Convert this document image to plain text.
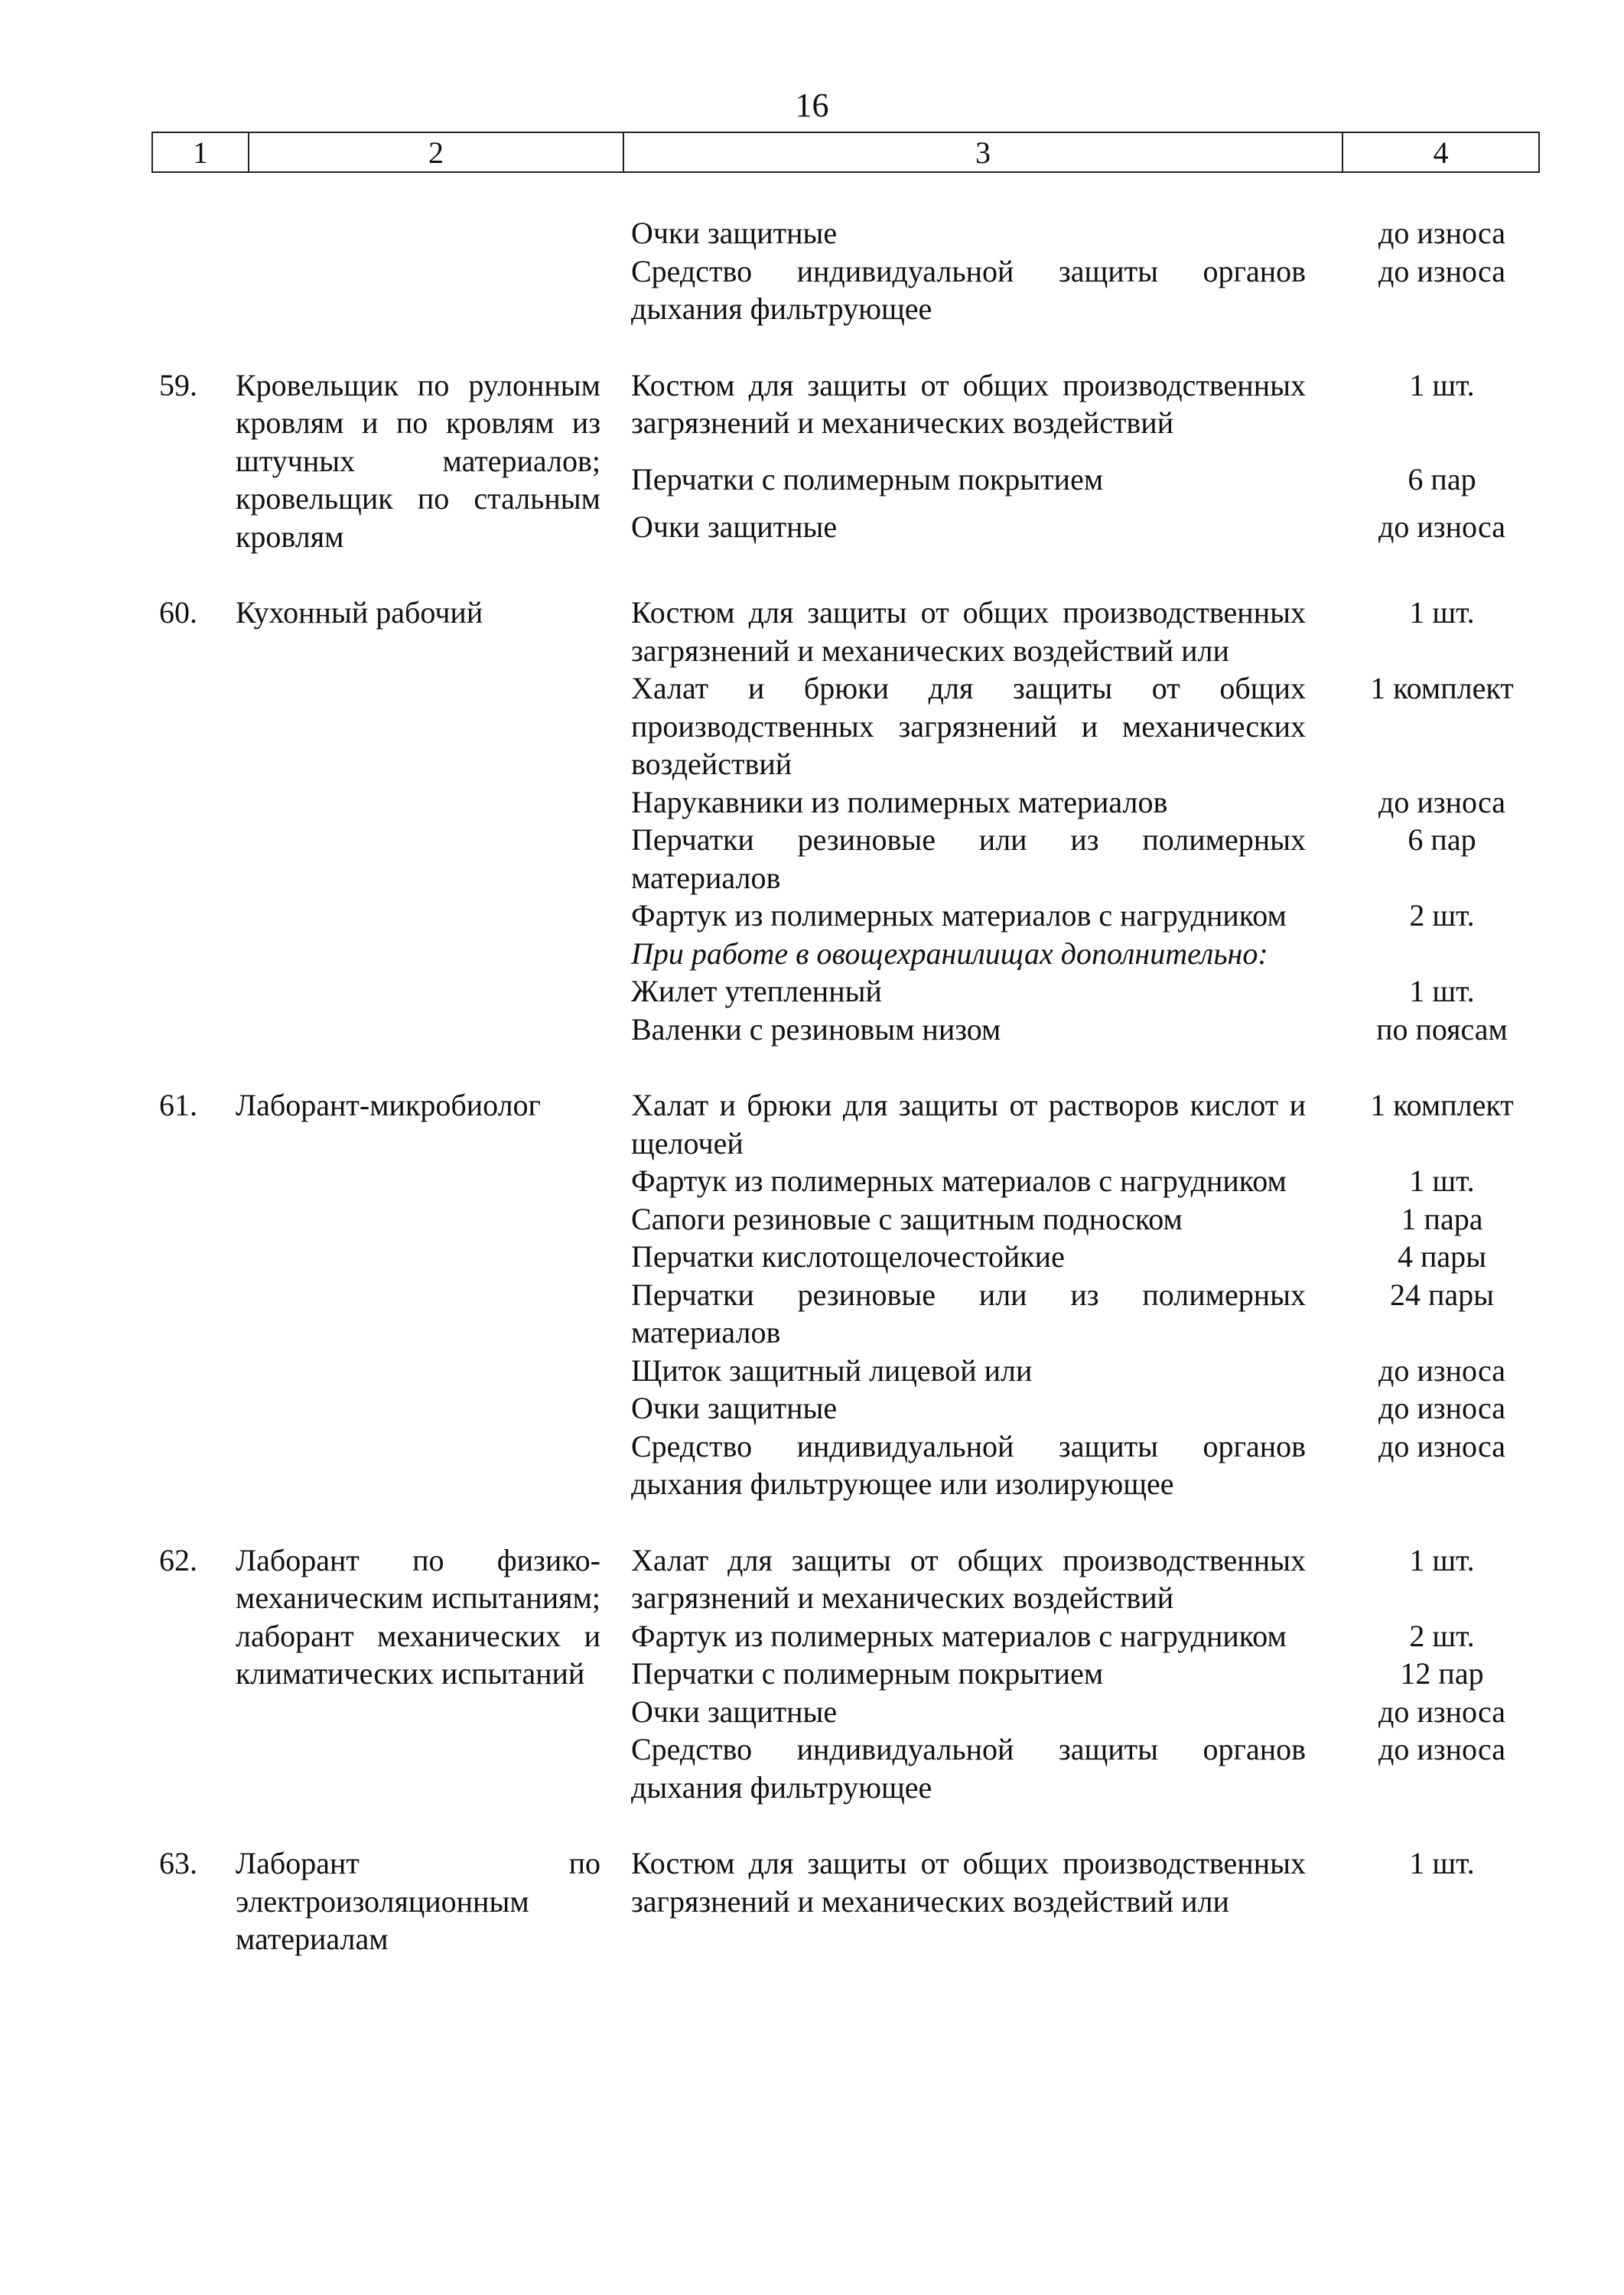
16
1	2	3	4

		Очки защитные	до износа

		Средство индивидуальной защиты органов дыхания фильтрующее	до износа

59.	Кровельщик по рулонным кровлям и по кровлям из штучных материалов; кровельщик по стальным кровлям	Костюм для защиты от общих производственных загрязнений и механических воздействий	1 шт.

		Перчатки с полимерным покрытием	6 пар

		Очки защитные	до износа

60.	Кухонный рабочий	Костюм для защиты от общих производственных загрязнений и механических воздействий или	1 шт.

		Халат и брюки для защиты от общих производственных загрязнений и механических воздействий	1 комплект

		Нарукавники из полимерных материалов	до износа

		Перчатки резиновые или из полимерных материалов	6 пар

		Фартук из полимерных материалов с нагрудником	2 шт.

		При работе в овощехранилищах дополнительно:	

		Жилет утепленный	1 шт.

		Валенки с резиновым низом	по поясам

61.	Лаборант-микробиолог	Халат и брюки для защиты от растворов кислот и щелочей	1 комплект

		Фартук из полимерных материалов с нагрудником	1 шт.

		Сапоги резиновые с защитным подноском	1 пара

		Перчатки кислотощелочестойкие	4 пары

		Перчатки резиновые или из полимерных материалов	24 пары

		Щиток защитный лицевой или	до износа

		Очки защитные	до износа

		Средство индивидуальной защиты органов дыхания фильтрующее или изолирующее	до износа

62.	Лаборант по физико-механическим испытаниям; лаборант механических и климатических испытаний	Халат для защиты от общих производственных загрязнений и механических воздействий	1 шт.

		Фартук из полимерных материалов с нагрудником	2 шт.

		Перчатки с полимерным покрытием	12 пар

		Очки защитные	до износа

		Средство индивидуальной защиты органов дыхания фильтрующее	до износа

63.	Лаборант по электроизоляционным материалам	Костюм для защиты от общих производственных загрязнений и механических воздействий или	1 шт.
